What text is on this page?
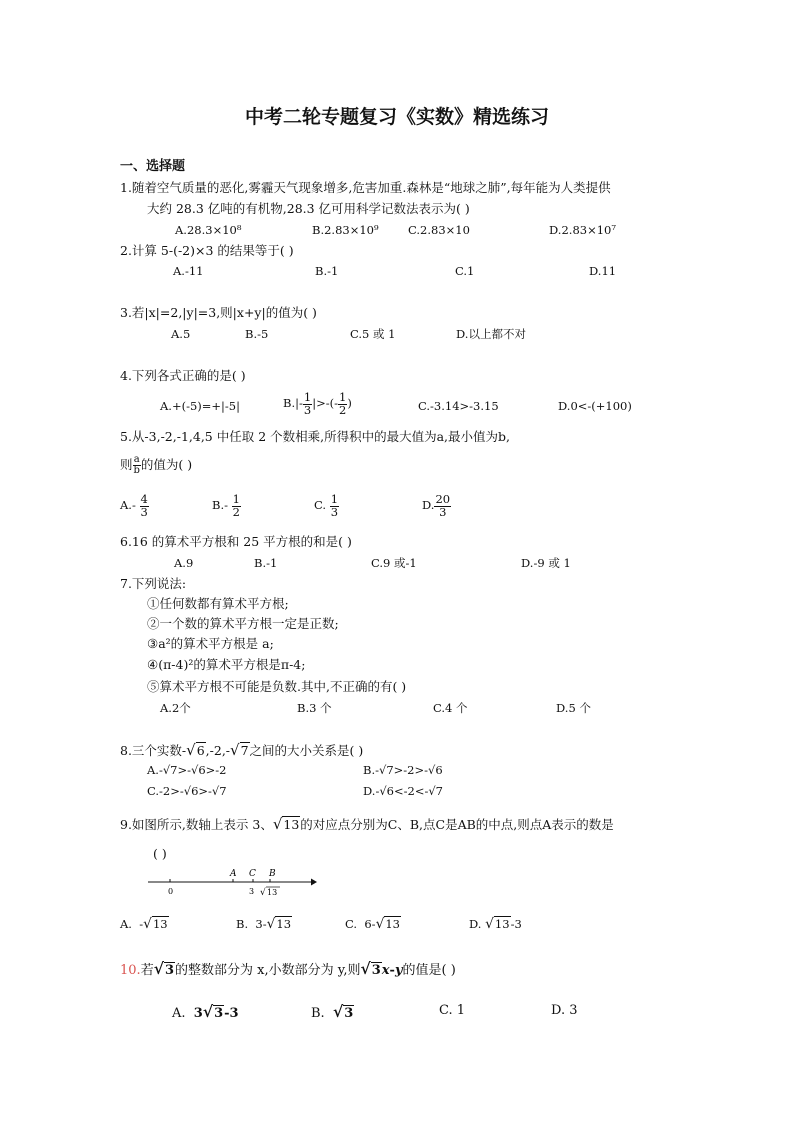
中考二轮专题复习《实数》精选练习
一、选择题
1.随着空气质量的恶化,雾霾天气现象增多,危害加重.森林是“地球之肺”,每年能为人类提供
大约 28.3 亿吨的有机物,28.3 亿可用科学记数法表示为( )
A.28.3×10⁸	B.2.83×10⁹	C.2.83×10	D.2.83×10⁷
2.计算 5-(-2)×3 的结果等于( )
A.-11	B.-1	C.1	D.11
3.若|x|=2,|y|=3,则|x+y|的值为( )
A.5	B.-5	C.5 或 1	D.以上都不对
4.下列各式正确的是( )
A.+(-5)=+|-5|	$B.|- \frac{1}{3}$ |>-(- $\frac{1}{2}$ )	C.-3.14>-3.15	D.0<-(+100)
5.从-3,-2,-1,4,5 中任取 2 个数相乘,所得积中的最大值为a,最小值为b,
则 $\frac{a}{b}$ 的值为( )
$A.- \frac{4}{3}$	$B.- \frac{1}{2}$	C. $\frac{1}{3}$	D. $\frac{20}{3}$
6.16 的算术平方根和 25 平方根的和是( )
A.9	B.-1	C.9 或-1	D.-9 或 1
7.下列说法:
①任何数都有算术平方根;
②一个数的算术平方根一定是正数;
③a²的算术平方根是 a;
④(π-4)²的算术平方根是π-4;
⑤算术平方根不可能是负数.其中,不正确的有( )
A.2个	B.3 个	C.4 个	D.5 个
8.三个实数-√6,-2,-√7之间的大小关系是( )
A.-√7>-√6>-2	B.-√7>-2>-√6
C.-2>-√6>-√7	D.-√6<-2<-√7
9.如图所示,数轴上表示 3、√13的对应点分别为C、B,点C是AB的中点,则点A表示的数是
( )
A C B
0	3 √ 13
A.  -√13	B.  3-√13	C.  6-√13	D. √13-3
10.若√3的整数部分为 x,小数部分为 y,则√3x-y的值是( )
A. 3√3-3	B. √3	C. 1	D. 3
